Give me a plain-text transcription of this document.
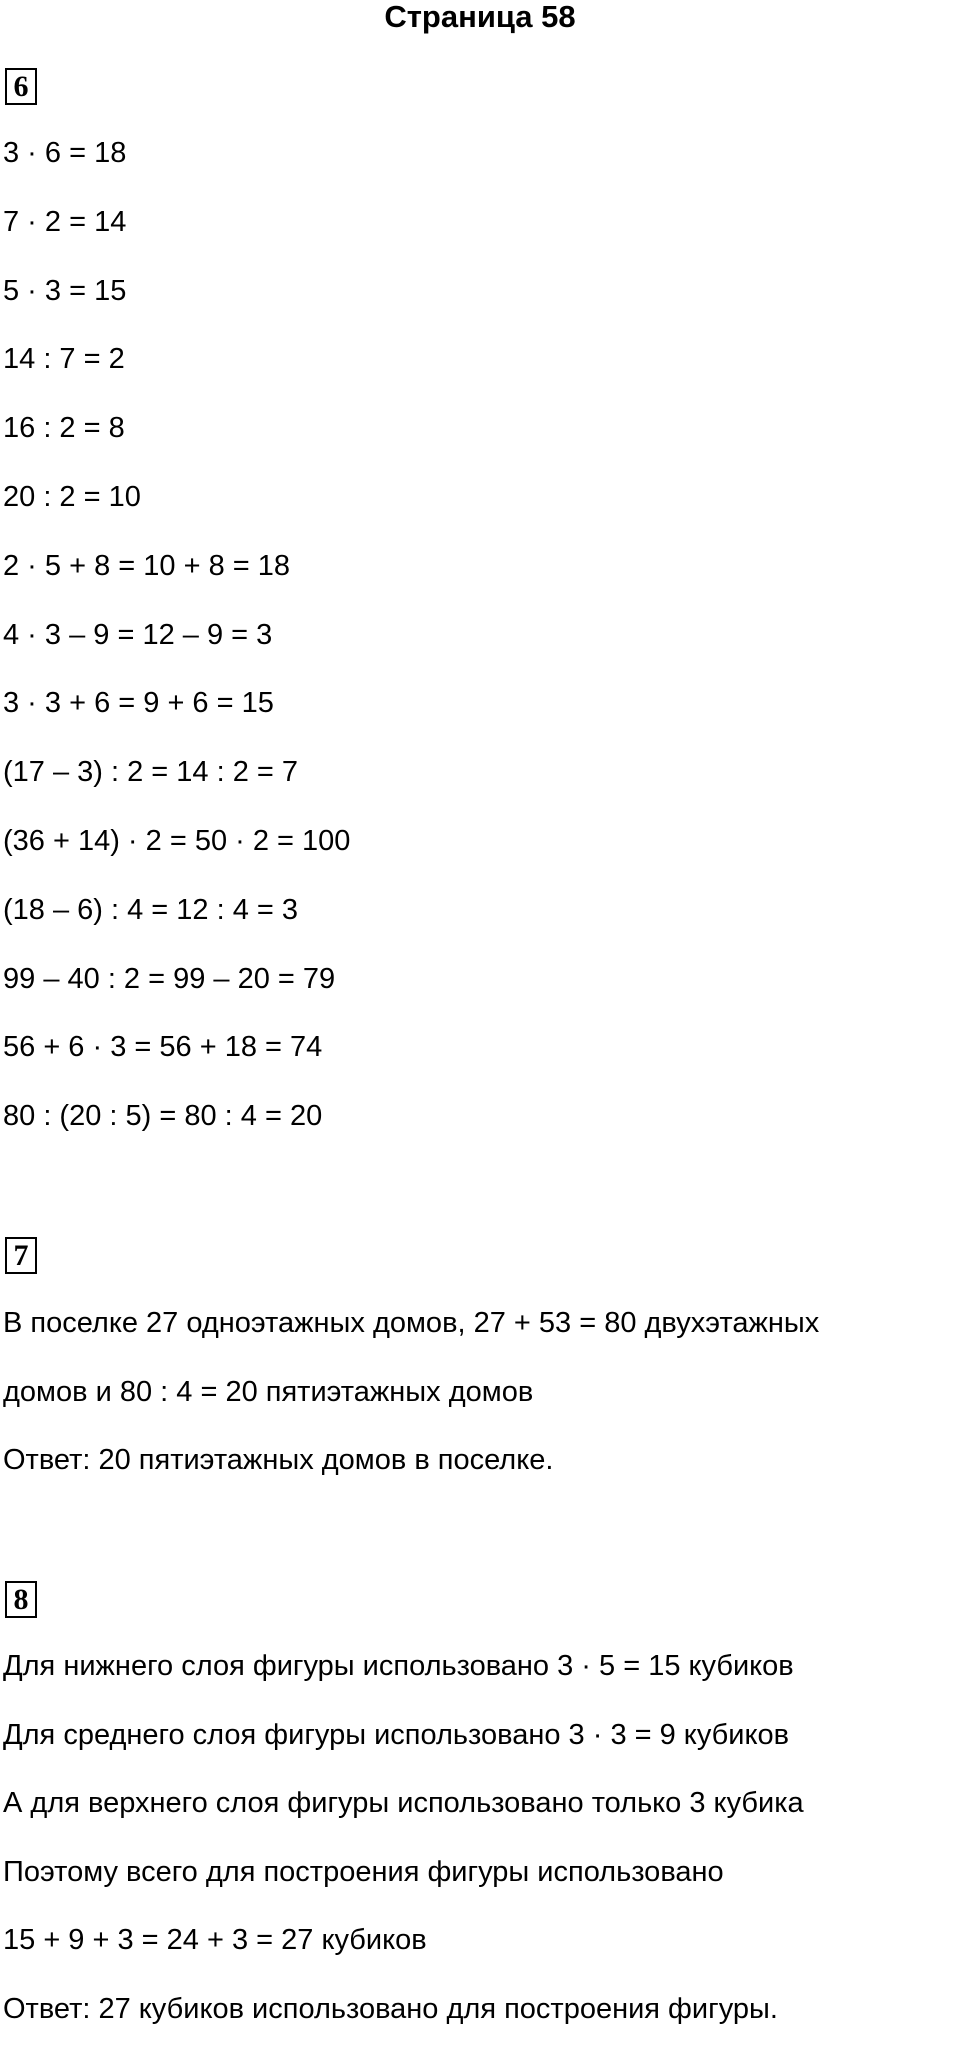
Страница 58
6
3 · 6 = 18
7 · 2 = 14
5 · 3 = 15
14 : 7 = 2
16 : 2 = 8
20 : 2 = 10
2 · 5 + 8 = 10 + 8 = 18
4 · 3 – 9 = 12 – 9 = 3
3 · 3 + 6 = 9 + 6 = 15
(17 – 3) : 2 = 14 : 2 = 7
(36 + 14) · 2 = 50 · 2 = 100
(18 – 6) : 4 = 12 : 4 = 3
99 – 40 : 2 = 99 – 20 = 79
56 + 6 · 3 = 56 + 18 = 74
80 : (20 : 5) = 80 : 4 = 20
7
В поселке 27 одноэтажных домов, 27 + 53 = 80 двухэтажных
домов и 80 : 4 = 20 пятиэтажных домов
Ответ: 20 пятиэтажных домов в поселке.
8
Для нижнего слоя фигуры использовано 3 · 5 = 15 кубиков
Для среднего слоя фигуры использовано 3 · 3 = 9 кубиков
А для верхнего слоя фигуры использовано только 3 кубика
Поэтому всего для построения фигуры использовано
15 + 9 + 3 = 24 + 3 = 27 кубиков
Ответ: 27 кубиков использовано для построения фигуры.
